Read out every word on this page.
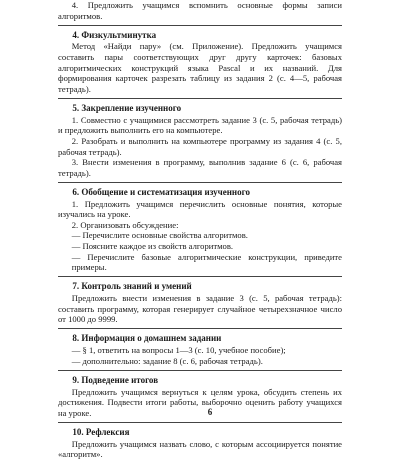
4. Предложить учащимся вспомнить основные формы записи алгоритмов.

4. Физкультминутка

Метод «Найди пару» (см. Приложение). Предложить учащимся составить пары соответствующих друг другу карточек: базовых алгоритмических конструкций языка Pascal и их названий. Для формирования карточек разрезать таблицу из задания 2 (с. 4—5, рабочая тетрадь).

5. Закрепление изученного

1. Совместно с учащимися рассмотреть задание 3 (с. 5, рабочая тетрадь) и предложить выполнить его на компьютере.

2. Разобрать и выполнить на компьютере программу из задания 4 (с. 5, рабочая тетрадь).

3. Внести изменения в программу, выполнив задание 6 (с. 6, рабочая тетрадь).

6. Обобщение и систематизация изученного

1. Предложить учащимся перечислить основные понятия, которые изучались на уроке.

2. Организовать обсуждение:

— Перечислите основные свойства алгоритмов.

— Поясните каждое из свойств алгоритмов.

— Перечислите базовые алгоритмические конструкции, приведите примеры.

7. Контроль знаний и умений

Предложить внести изменения в задание 3 (с. 5, рабочая тетрадь): составить программу, которая генерирует случайное четырехзначное число от 1000 до 9999.

8. Информация о домашнем задании

— § 1, ответить на вопросы 1—3 (с. 10, учебное пособие);

— дополнительно: задание 8 (с. 6, рабочая тетрадь).

9. Подведение итогов

Предложить учащимся вернуться к целям урока, обсудить степень их достижения. Подвести итоги работы, выборочно оценить работу учащихся на уроке.

10. Рефлексия

Предложить учащимся назвать слово, с которым ассоциируется понятие «алгоритм».

6
